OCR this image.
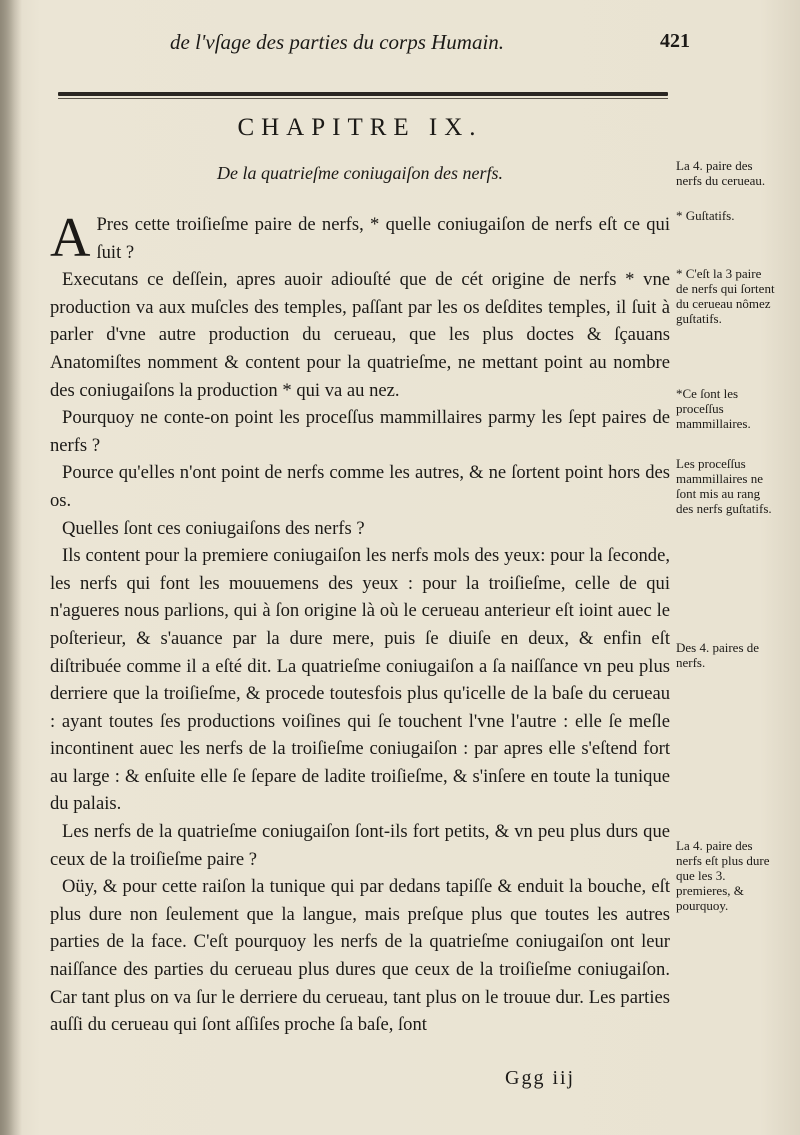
de l'vſage des parties du corps Humain.	421
CHAPITRE IX.
De la quatrieſme coniugaiſon des nerfs.

A Pres cette troiſieſme paire de nerfs, * quelle coniugaiſon de nerfs eſt ce qui ſuit ?

Executans ce deſſein, apres auoir adiouſté que de cét origine de nerfs * vne production va aux muſcles des temples, paſſant par les os deſdites temples, il ſuit à parler d'vne autre production du cerueau, que les plus doctes & ſçauans Anatomiſtes nomment & content pour la quatrieſme, ne mettant point au nombre des coniugaiſons la production * qui va au nez.

Pourquoy ne conte-on point les proceſſus mammillaires parmy les ſept paires de nerfs ?

Pource qu'elles n'ont point de nerfs comme les autres, & ne ſortent point hors des os.

Quelles ſont ces coniugaiſons des nerfs ?

Ils content pour la premiere coniugaiſon les nerfs mols des yeux: pour la ſeconde, les nerfs qui font les mouuemens des yeux : pour la troiſieſme, celle de qui n'agueres nous parlions, qui à ſon origine là où le cerueau anterieur eſt ioint auec le poſterieur, & s'auance par la dure mere, puis ſe diuiſe en deux, & enfin eſt diſtribuée comme il a eſté dit. La quatrieſme coniugaiſon a ſa naiſſance vn peu plus derriere que la troiſieſme, & procede toutesfois plus qu'icelle de la baſe du cerueau : ayant toutes ſes productions voiſines qui ſe touchent l'vne l'autre : elle ſe meſle incontinent auec les nerfs de la troiſieſme coniugaiſon : par apres elle s'eſtend fort au large : & enſuite elle ſe ſepare de ladite troiſieſme, & s'inſere en toute la tunique du palais.

Les nerfs de la quatrieſme coniugaiſon ſont-ils fort petits, & vn peu plus durs que ceux de la troiſieſme paire ?

Oüy, & pour cette raiſon la tunique qui par dedans tapiſſe & enduit la bouche, eſt plus dure non ſeulement que la langue, mais preſque plus que toutes les autres parties de la face. C'eſt pourquoy les nerfs de la quatrieſme coniugaiſon ont leur naiſſance des parties du cerueau plus dures que ceux de la troiſieſme coniugaiſon. Car tant plus on va ſur le derriere du cerueau, tant plus on le trouue dur. Les parties auſſi du cerueau qui ſont aſſiſes proche ſa baſe, ſont

La 4. paire des nerfs du cerueau.
* Guſtatifs.
* C'eſt la 3 paire de nerfs qui ſortent du cerueau nômez guſtatifs.
*Ce ſont les proceſſus mammillaires.
Les proceſſus mammillaires ne ſont mis au rang des nerfs guſtatifs.
Des 4. paires de nerfs.
La 4. paire des nerfs eſt plus dure que les 3. premieres, & pourquoy.
Ggg iij
